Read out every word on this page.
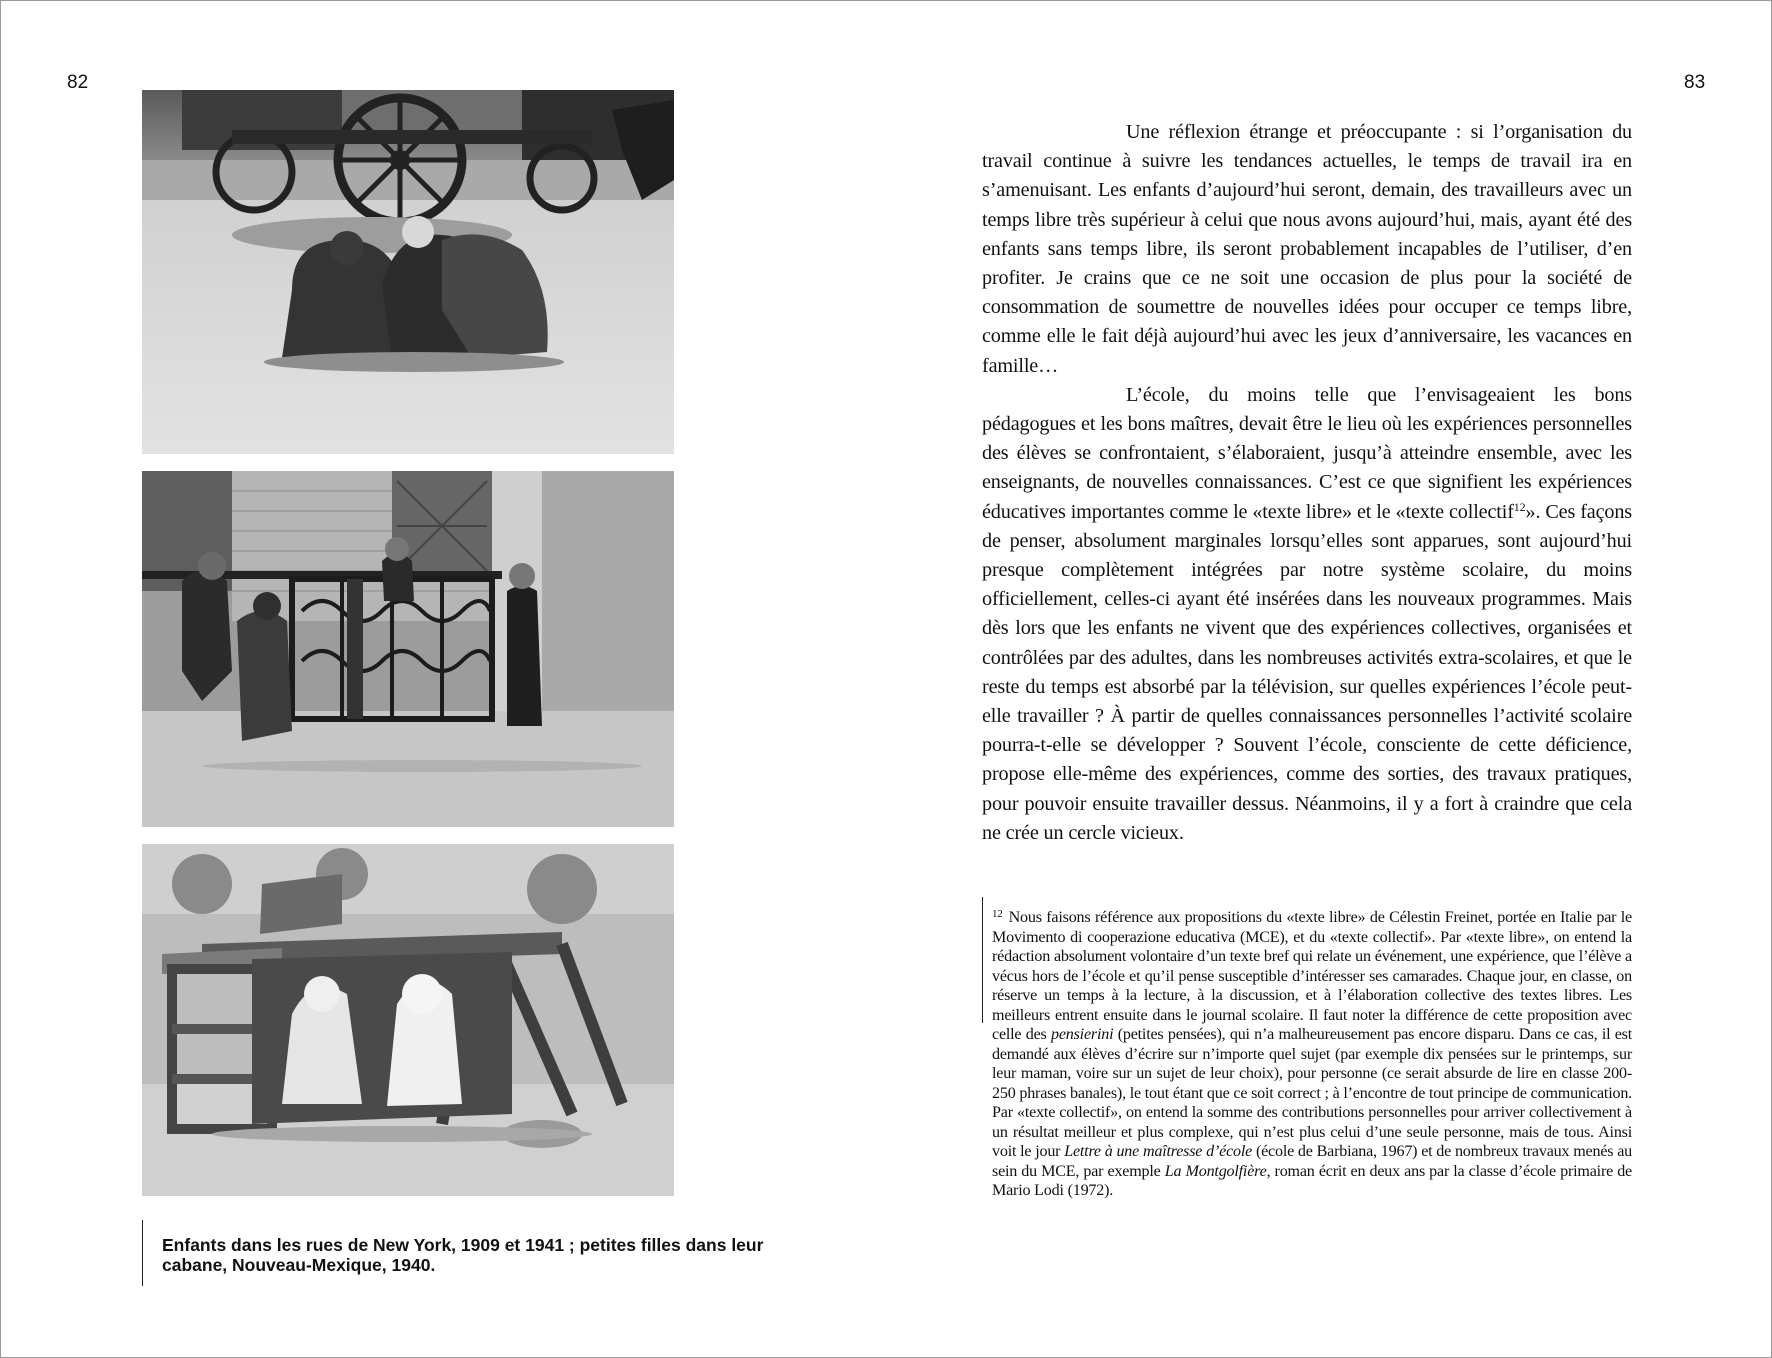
82	83
Enfants dans les rues de New York, 1909 et 1941 ; petites filles dans leur cabane, Nouveau-Mexique, 1940.

Une réflexion étrange et préoccupante : si l’organisation du travail continue à suivre les tendances actuelles, le temps de travail ira en s’amenuisant. Les enfants d’aujourd’hui seront, demain, des travailleurs avec un temps libre très supérieur à celui que nous avons aujourd’hui, mais, ayant été des enfants sans temps libre, ils seront probablement incapables de l’utiliser, d’en profiter. Je crains que ce ne soit une occasion de plus pour la société de consommation de soumettre de nouvelles idées pour occuper ce temps libre, comme elle le fait déjà aujourd’hui avec les jeux d’anniversaire, les vacances en famille…

L’école, du moins telle que l’envisageaient les bons pédagogues et les bons maîtres, devait être le lieu où les expériences personnelles des élèves se confrontaient, s’élaboraient, jusqu’à atteindre ensemble, avec les enseignants, de nouvelles connaissances. C’est ce que signifient les expériences éducatives importantes comme le «texte libre» et le «texte collectif$^{12}$». Ces façons de penser, absolument marginales lorsqu’elles sont apparues, sont aujourd’hui presque complètement intégrées par notre système scolaire, du moins officiellement, celles-ci ayant été insérées dans les nouveaux programmes. Mais dès lors que les enfants ne vivent que des expériences collectives, organisées et contrôlées par des adultes, dans les nombreuses activités extra-scolaires, et que le reste du temps est absorbé par la télévision, sur quelles expériences l’école peut-elle travailler ? À partir de quelles connaissances personnelles l’activité scolaire pourra-t-elle se développer ? Souvent l’école, consciente de cette déficience, propose elle-même des expériences, comme des sorties, des travaux pratiques, pour pouvoir ensuite travailler dessus. Néanmoins, il y a fort à craindre que cela ne crée un cercle vicieux.

$^{12}$ Nous faisons référence aux propositions du «texte libre» de Célestin Freinet, portée en Italie par le Movimento di cooperazione educativa (MCE), et du «texte collectif». Par «texte libre», on entend la rédaction absolument volontaire d’un texte bref qui relate un événement, une expérience, que l’élève a vécus hors de l’école et qu’il pense susceptible d’intéresser ses camarades. Chaque jour, en classe, on réserve un temps à la lecture, à la discussion, et à l’élaboration collective des textes libres. Les meilleurs entrent ensuite dans le journal scolaire. Il faut noter la différence de cette proposition avec celle des pensierini (petites pensées), qui n’a malheureusement pas encore disparu. Dans ce cas, il est demandé aux élèves d’écrire sur n’importe quel sujet (par exemple dix pensées sur le printemps, sur leur maman, voire sur un sujet de leur choix), pour personne (ce serait absurde de lire en classe 200-250 phrases banales), le tout étant que ce soit correct ; à l’encontre de tout principe de communication. Par «texte collectif», on entend la somme des contributions personnelles pour arriver collectivement à un résultat meilleur et plus complexe, qui n’est plus celui d’une seule personne, mais de tous. Ainsi voit le jour Lettre à une maîtresse d’école (école de Barbiana, 1967) et de nombreux travaux menés au sein du MCE, par exemple La Montgolfière, roman écrit en deux ans par la classe d’école primaire de Mario Lodi (1972).
